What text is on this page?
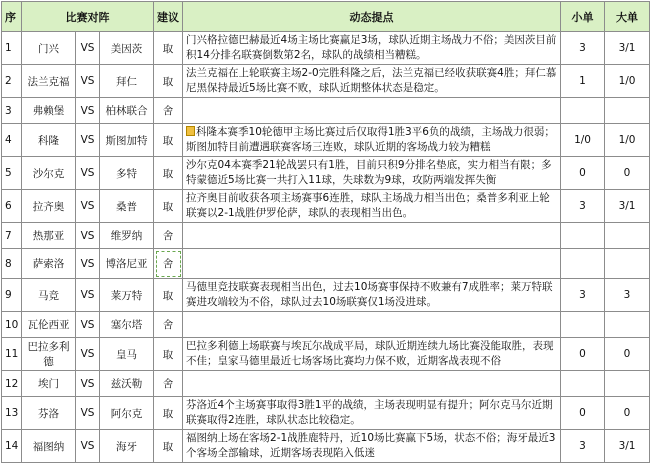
序	比赛对阵			建议	动态提点	小单	大单
1	门兴	VS	美因茨	取	门兴格拉德巴赫最近4场主场比赛赢足3场，球队近期主场战力不俗；美因茨目前积14分排名联赛倒数第2名，球队的战绩相当糟糕。	3	3/1
2	法兰克福	VS	拜仁	取	法兰克福在上轮联赛主场2-0完胜科隆之后，法兰克福已经收获联赛4胜；拜仁慕尼黑保持最近5场比赛不败，球队近期整体状态是稳定。	1	1/0
3	弗赖堡	VS	柏林联合	舍			
4	科隆	VS	斯图加特	取	科隆本赛季10轮德甲主场比赛过后仅取得1胜3平6负的战绩，主场战力很弱；斯图加特目前遭遇联赛客场三连败，球队近期的客场战力较为糟糕	1/0	1/0
5	沙尔克	VS	多特	取	沙尔克04本赛季21轮战罢只有1胜，目前只积9分排名垫底，实力相当有限；多特蒙德近5场比赛一共打入11球，失球数为9球，攻防两端发挥失衡	0	0
6	拉齐奥	VS	桑普	取	拉齐奥目前收获各项主场赛事6连胜，球队主场战力相当出色；桑普多利亚上轮联赛以2-1战胜伊罗伦萨，球队的表现相当出色。	3	3/1
7	热那亚	VS	维罗纳	舍			
8	萨索洛	VS	博洛尼亚	舍			
9	马竞	VS	莱万特	取	马德里竞技联赛表现相当出色，过去10场赛事保持不败兼有7成胜率；莱万特联赛进攻端较为不俗，球队过去10场联赛仅1场没进球。	3	3
10	瓦伦西亚	VS	塞尔塔	舍			
11	巴拉多利德	VS	皇马	取	巴拉多利德上场联赛与埃瓦尔战成平局，球队近期连续九场比赛没能取胜，表现不佳；皇家马德里最近七场客场比赛均力保不败，近期客战表现不俗	0	0
12	埃门	VS	兹沃勒	舍			
13	芬洛	VS	阿尔克	取	芬洛近4个主场赛事取得3胜1平的战绩，主场表现明显有提升；阿尔克马尔近期联赛取得2连胜，球队状态比较稳定。	0	0
14	福图纳	VS	海牙	取	福图纳上场在客场2-1战胜鹿特丹，近10场比赛赢下5场，状态不俗；海牙最近3个客场全部输球，近期客场表现陷入低迷	3	3/1
